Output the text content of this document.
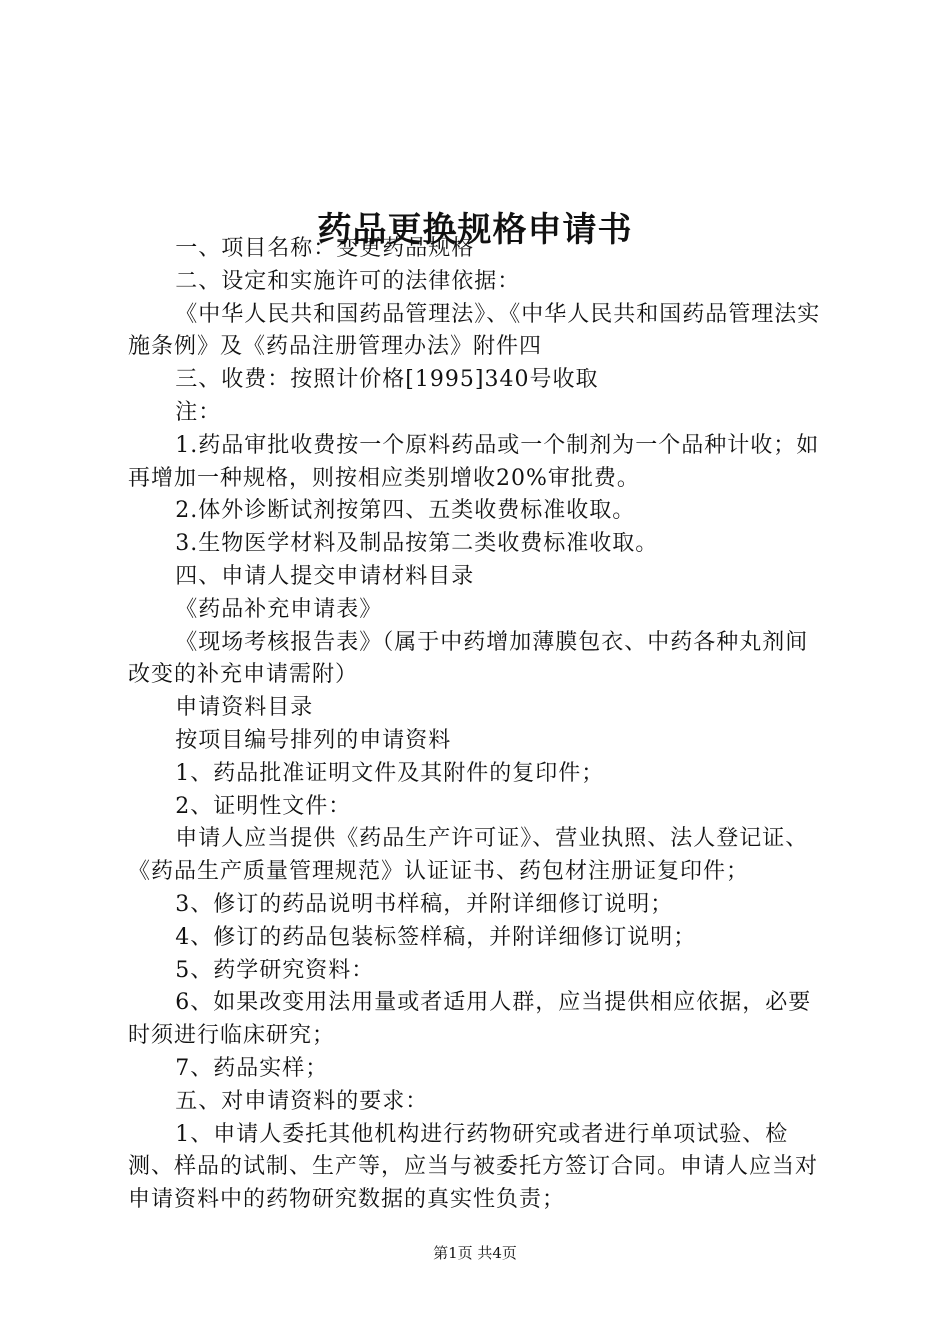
药品更换规格申请书

一、项目名称：变更药品规格

二、设定和实施许可的法律依据：

《中华人民共和国药品管理法》、《中华人民共和国药品管理法实施条例》及《药品注册管理办法》附件四

三、收费：按照计价格[1995]340号收取

注：

1.药品审批收费按一个原料药品或一个制剂为一个品种计收；如再增加一种规格，则按相应类别增收20%审批费。

2.体外诊断试剂按第四、五类收费标准收取。

3.生物医学材料及制品按第二类收费标准收取。

四、申请人提交申请材料目录

《药品补充申请表》

《现场考核报告表》（属于中药增加薄膜包衣、中药各种丸剂间改变的补充申请需附）

申请资料目录

按项目编号排列的申请资料

1、药品批准证明文件及其附件的复印件；

2、证明性文件：

申请人应当提供《药品生产许可证》、营业执照、法人登记证、《药品生产质量管理规范》认证证书、药包材注册证复印件；

3、修订的药品说明书样稿，并附详细修订说明；

4、修订的药品包装标签样稿，并附详细修订说明；

5、药学研究资料：

6、如果改变用法用量或者适用人群，应当提供相应依据，必要时须进行临床研究；

7、药品实样；

五、对申请资料的要求：

1、申请人委托其他机构进行药物研究或者进行单项试验、检测、样品的试制、生产等，应当与被委托方签订合同。申请人应当对申请资料中的药物研究数据的真实性负责；

第1页 共4页
